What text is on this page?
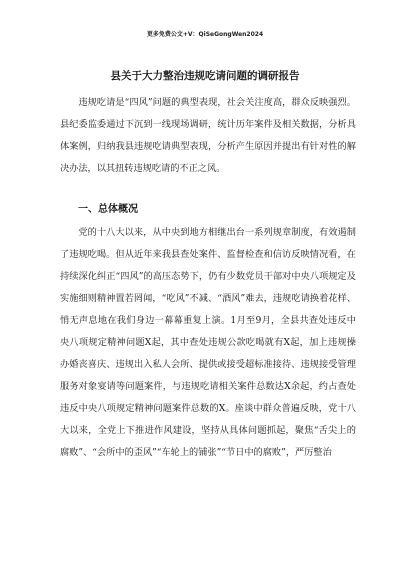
更多免费公文+V：QiSeGongWen2024
县关于大力整治违规吃请问题的调研报告

违规吃请是“四风”问题的典型表现，社会关注度高，群众反映强烈。县纪委监委通过下沉到一线现场调研，统计历年案件及相关数据，分析具体案例，归纳我县违规吃请典型表现，分析产生原因并提出有针对性的解决办法，以其扭转违规吃请的不正之风。

一、总体概况

党的十八大以来，从中央到地方相继出台一系列规章制度，有效遏制了违规吃喝。但从近年来我县查处案件、监督检查和信访反映情况看，在持续深化纠正“四风”的高压态势下，仍有少数党员干部对中央八项规定及实施细则精神置若罔闻，“吃风”不减、“酒风”难去，违规吃请换着花样、悄无声息地在我们身边一幕幕重复上演。1月至9月，全县共查处违反中央八项规定精神问题X起，其中查处违规公款吃喝就有X起，加上违规操办婚丧喜庆、违规出入私人会所、提供或接受超标准接待、违规接受管理服务对象宴请等问题案件，与违规吃请相关案件总数达X余起，约占查处违反中央八项规定精神问题案件总数的X。座谈中群众普遍反映，党十八大以来，全党上下推进作风建设，坚持从具体问题抓起，聚焦“舌尖上的腐败”、“会所中的歪风”“车轮上的铺张”“节日中的腐败”，严厉整治
